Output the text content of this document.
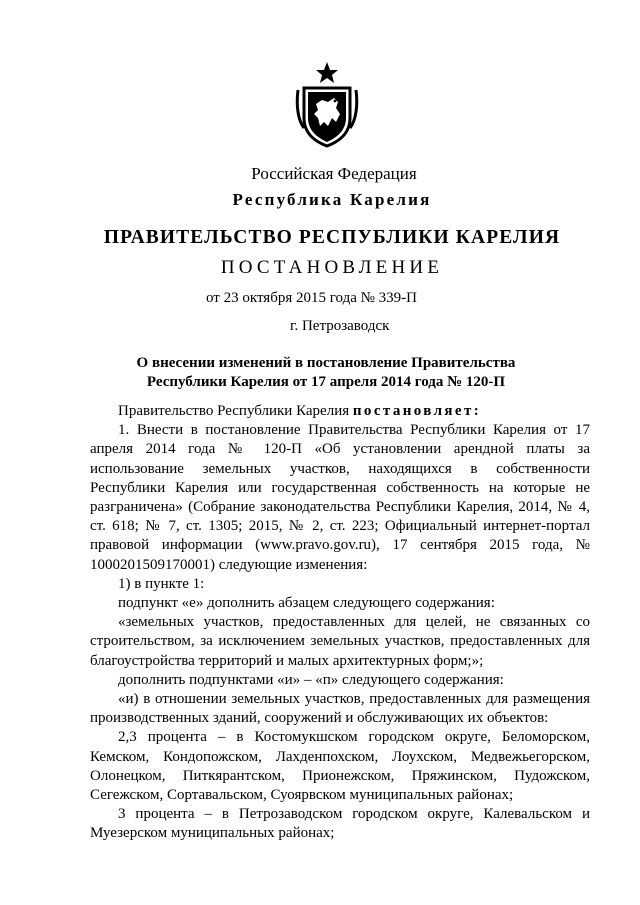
Российская Федерация
Республика Карелия
ПРАВИТЕЛЬСТВО РЕСПУБЛИКИ КАРЕЛИЯ
ПОСТАНОВЛЕНИЕ
от 23 октября 2015 года № 339-П
г. Петрозаводск
О внесении изменений в постановление Правительства
Республики Карелия от 17 апреля 2014 года № 120-П

Правительство Республики Карелия постановляет:

1. Внести в постановление Правительства Республики Карелия от 17 апреля 2014 года № 120-П «Об установлении арендной платы за использование земельных участков, находящихся в собственности Республики Карелия или государственная собственность на которые не разграничена» (Собрание законодательства Республики Карелия, 2014, № 4, ст. 618; № 7, ст. 1305; 2015, № 2, ст. 223; Официальный интернет-портал правовой информации (www.pravo.gov.ru), 17 сентября 2015 года, № 1000201509170001) следующие изменения:

1) в пункте 1:

подпункт «е» дополнить абзацем следующего содержания:

«земельных участков, предоставленных для целей, не связанных со строительством, за исключением земельных участков, предоставленных для благоустройства территорий и малых архитектурных форм;»;

дополнить подпунктами «и» – «п» следующего содержания:

«и) в отношении земельных участков, предоставленных для размещения производственных зданий, сооружений и обслуживающих их объектов:

2,3 процента – в Костомукшском городском округе, Беломорском, Кемском, Кондопожском, Лахденпохском, Лоухском, Медвежьегорском, Олонецком, Питкярантском, Прионежском, Пряжинском, Пудожском, Сегежском, Сортавальском, Суоярвском муниципальных районах;

3 процента – в Петрозаводском городском округе, Калевальском и Муезерском муниципальных районах;
